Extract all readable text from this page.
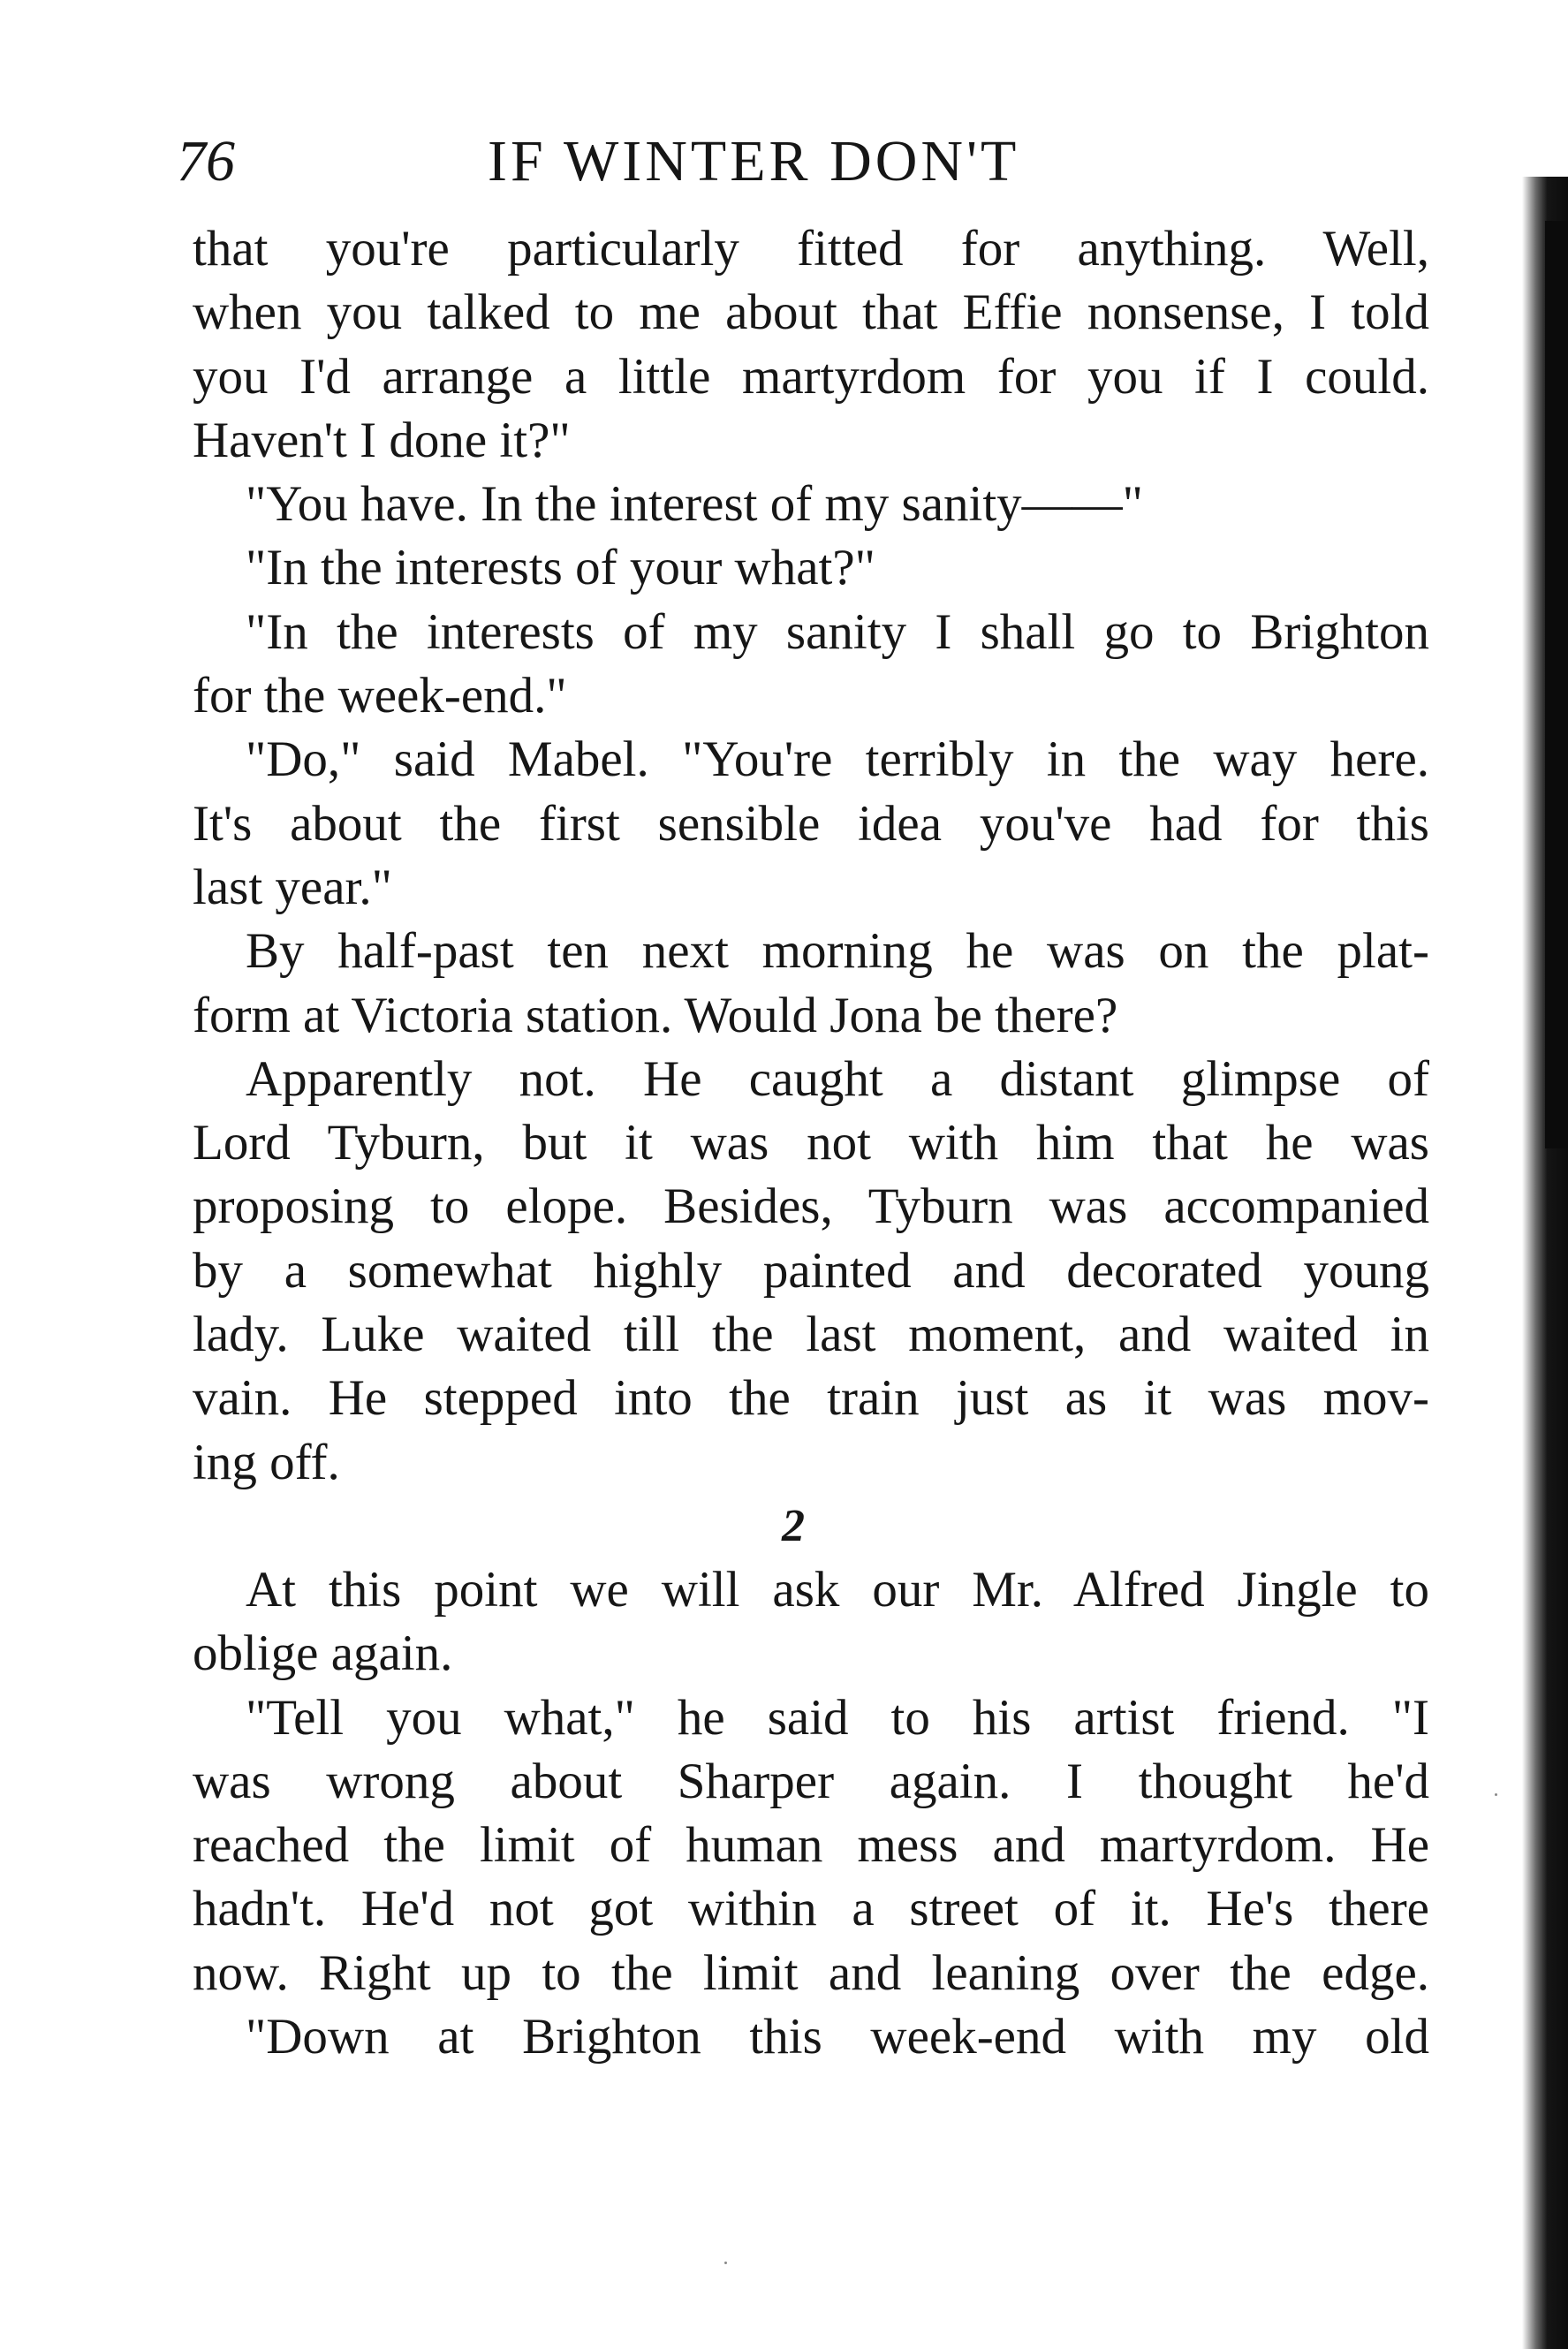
76	IF WINTER DON'T
that you're particularly fitted for anything. Well,
when you talked to me about that Effie nonsense, I told
you I'd arrange a little martyrdom for you if I could.
Haven't I done it?"
"You have. In the interest of my sanity——"
"In the interests of your what?"
"In the interests of my sanity I shall go to Brighton
for the week-end."
"Do," said Mabel. "You're terribly in the way here.
It's about the first sensible idea you've had for this
last year."
By half-past ten next morning he was on the plat-
form at Victoria station. Would Jona be there?
Apparently not. He caught a distant glimpse of
Lord Tyburn, but it was not with him that he was
proposing to elope. Besides, Tyburn was accompanied
by a somewhat highly painted and decorated young
lady. Luke waited till the last moment, and waited in
vain. He stepped into the train just as it was mov-
ing off.
2
At this point we will ask our Mr. Alfred Jingle to
oblige again.
"Tell you what," he said to his artist friend. "I
was wrong about Sharper again. I thought he'd
reached the limit of human mess and martyrdom. He
hadn't. He'd not got within a street of it. He's there
now. Right up to the limit and leaning over the edge.
"Down at Brighton this week-end with my old
